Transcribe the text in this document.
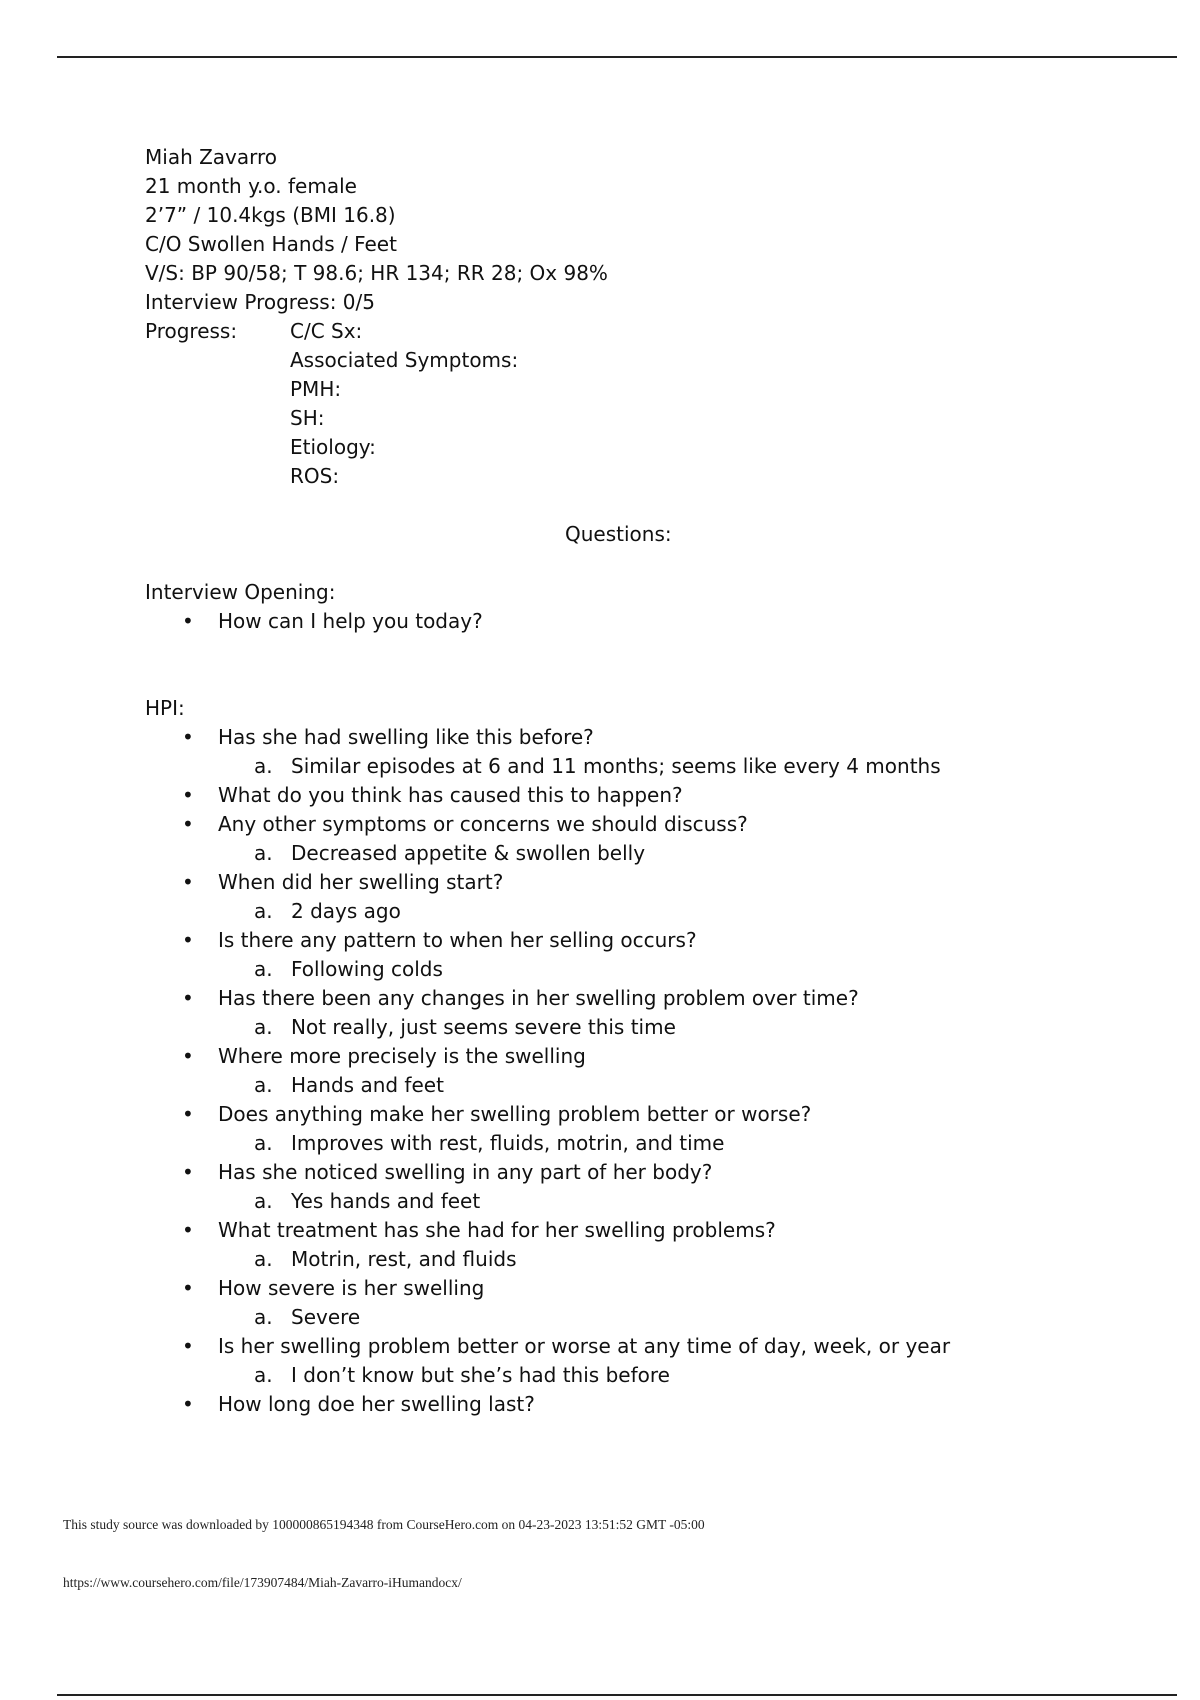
Miah Zavarro
21 month y.o. female
2’7” / 10.4kgs (BMI 16.8)
C/O Swollen Hands / Feet
V/S: BP 90/58; T 98.6; HR 134; RR 28; Ox 98%
Interview Progress: 0/5
Progress:	C/C Sx:
Associated Symptoms:
PMH:
SH:
Etiology:
ROS:
Questions:
Interview Opening:
• How can I help you today?
HPI:
• Has she had swelling like this before?
a. Similar episodes at 6 and 11 months; seems like every 4 months
• What do you think has caused this to happen?
• Any other symptoms or concerns we should discuss?
a. Decreased appetite & swollen belly
• When did her swelling start?
a. 2 days ago
• Is there any pattern to when her selling occurs?
a. Following colds
• Has there been any changes in her swelling problem over time?
a. Not really, just seems severe this time
• Where more precisely is the swelling
a. Hands and feet
• Does anything make her swelling problem better or worse?
a. Improves with rest, fluids, motrin, and time
• Has she noticed swelling in any part of her body?
a. Yes hands and feet
• What treatment has she had for her swelling problems?
a. Motrin, rest, and fluids
• How severe is her swelling
a. Severe
• Is her swelling problem better or worse at any time of day, week, or year
a. I don’t know but she’s had this before
• How long doe her swelling last?
This study source was downloaded by 100000865194348 from CourseHero.com on 04-23-2023 13:51:52 GMT -05:00
https://www.coursehero.com/file/173907484/Miah-Zavarro-iHumandocx/
